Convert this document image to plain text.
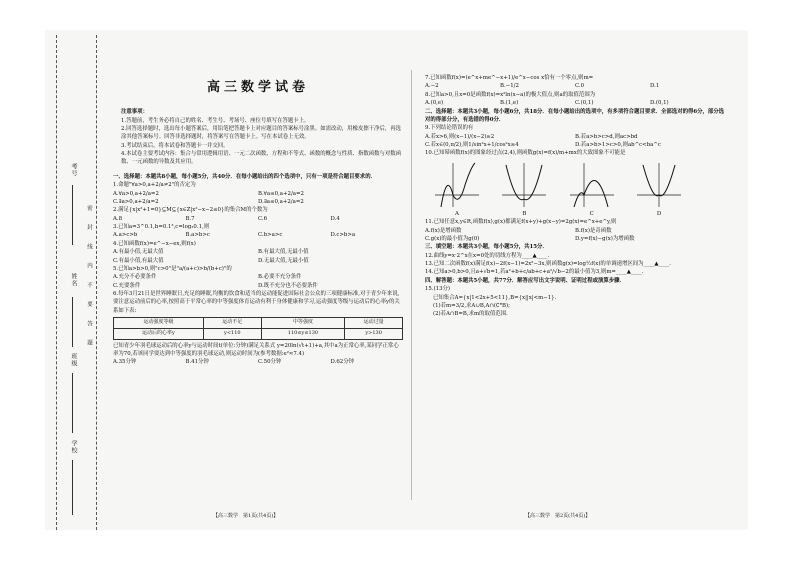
考号
姓名
班级
学校
密 封 线 内 不 要 答 题
高三数学试卷
注意事项：
1.答题前，考生务必将自己的姓名、考生号、考场号、座位号填写在答题卡上。
2.回答选择题时，选出每小题答案后，用铅笔把答题卡上对应题目的答案标号涂黑。如需改动，用橡皮擦干净后，再选涂其他答案标号。回答非选择题时，将答案写在答题卡上。写在本试卷上无效。
3.考试结束后，将本试卷和答题卡一并交回。
4.本试卷主要考试内容：集合与常用逻辑用语、一元二次函数、方程和不等式、函数的概念与性质、指数函数与对数函数、一元函数的导数及其应用。
一、选择题：本题共8小题，每小题5分，共40分．在每小题给出的四个选项中，只有一项是符合题目要求的．
1.命题"∀a>0,a+2/a≠2"的否定为
A.∀a>0,a+2/a=2	B.∀a≤0,a+2/a=2
C.∃a>0,a+2/a=2	D.∃a≤0,a+2/a=2
2.满足{x|x²+1=0}⊆M⊆{x∈Z|x²−x−2≤0}的集合M的个数为
A.8	B.7	C.6	D.4
3.已知a=3^0.1,b=0.1³,c=log₃0.1,则
A.a>c>b	B.a>b>c	C.b>a>c	D.c>b>a
4.已知函数f(x)=e^−x−ex,则f(x)
A.有最小值,无最大值	B.有最大值,无最小值
C.有最小值,有最大值	D.无最大值,无最小值
5.已知a>b>0,则"c>0"是"a/(a+c)>b/(b+c)"的
A.充分不必要条件	B.必要不充分条件
C.充要条件	D.既不充分也不必要条件
6.每年3月21日是世界睡眠日,充足的睡眠,均衡的饮食和适当的运动能促进国际社会公众的三项健康标准,对于青少年来说,要注意运动前后的心率,按照高于平常心率的中等强度体育运动有利于身体健康和学习,运动强度等级与运动后的心率y的关系如下表:
运动强度等级	运动不足	中等强度	运动过量
运动后的心率y	y<110	110≤y≤130	y>130
已知青少年羽毛球运动后的心率y与运动时间t(单位:分钟)满足关系式 y=20ln(√t+1)+a,其中a为正常心率,某同学正常心率为70,若该同学要达到中等强度的羽毛球运动,则运动时间为(参考数据:e²≈7.4)
A.35分钟	B.41分钟	C.50分钟	D.62分钟
【高三数学　第1页(共4页)】
7.已知函数f(x)=(e^x+me^−x+1)/e^x−cos x恰有一个零点,则m=
A.−2	B.−1/2	C.0	D.1
8.已知a>0,且x=0是函数f(x)=x²ln(x−a)的极大值点,则a的取值范围为
A.(0,e)	B.(1,e)	C.(0,1)	D.(0,1)
二、选择题：本题共3小题，每小题6分，共18分．在每小题给出的选项中，有多项符合题目要求．全部选对的得6分，部分选对的得部分分，有选错的得0分．
9.下列结论错误的有
A.若x>6,则(x−1)/(x−2)≥2	B.若a>b>c>d,则ac>bd
C.若x∈(0,π/2),则1/sin²x+1/cos²x≥4	D.若a>b>1>c>0,则ab^c<ba^c
10.已知幂函数f(x)的图象经过点(2,4),则函数g(x)=f(x)/m+mx的大致图象不可能是
A	B	C	D
11.已知任意x,y∈R,函数f(x),g(x)都满足f(x+y)+g(x−y)=2g(x)=e^x+e^y,则
A.f(x)是增函数	B.f(x)是奇函数
C.g(x)的最小值为g(0)	D.y=f(x)−g(x)为增函数
三、填空题：本题共3小题，每小题5分，共15分．
12.曲线y=x·2^x在x=0处的切线方程为____▲____.
13.已知二次函数f(x)满足f(x)−2f(x−1)=2x²−3x,则函数g(x)=log½f(x)的单调递增区间为____▲____.
14.已知a>0,b>0,且a+√b=1,若a²+b+c/ab+c+a²/√b−2的最小值为3,则m=____▲____.
四、解答题：本题共5小题，共77分．解答应写出文字说明、证明过程或演算步骤．
15.(13分)
已知集合A={x|1<2x+5<11},B={x||x|<m−1}.
(1)若m=3/2,求A∪B,A∩(∁ᴿB);
(2)若A∩B=B,求m的取值范围.
【高三数学　第2页(共4页)】
